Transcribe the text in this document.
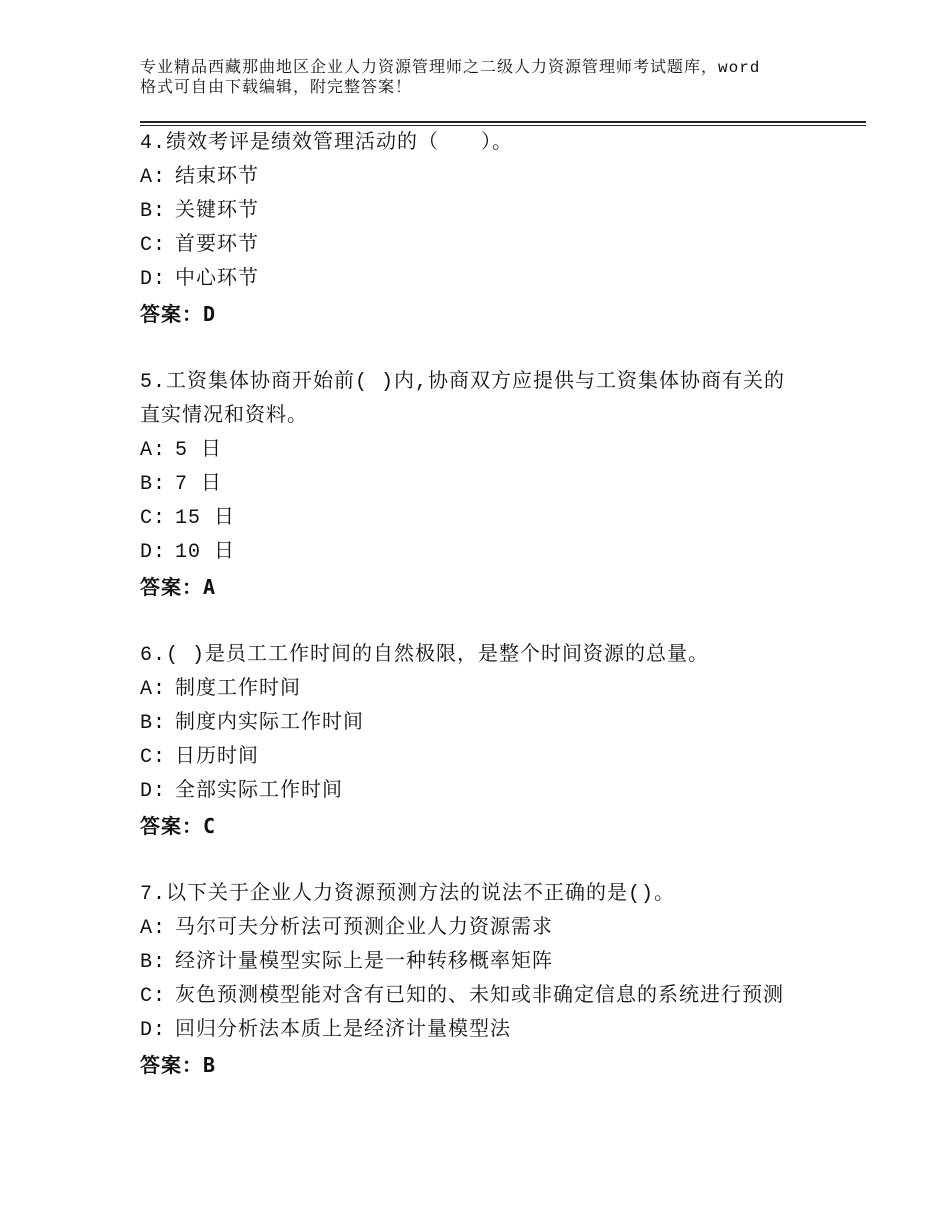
专业精品西藏那曲地区企业人力资源管理师之二级人力资源管理师考试题库，word
格式可自由下载编辑，附完整答案！
4.绩效考评是绩效管理活动的（　　）。
A: 结束环节
B: 关键环节
C: 首要环节
D: 中心环节
答案：D
5.工资集体协商开始前( )内,协商双方应提供与工资集体协商有关的
直实情况和资料。
A: 5 日
B: 7 日
C: 15 日
D: 10 日
答案：A
6.( )是员工工作时间的自然极限，是整个时间资源的总量。
A: 制度工作时间
B: 制度内实际工作时间
C: 日历时间
D: 全部实际工作时间
答案：C
7.以下关于企业人力资源预测方法的说法不正确的是()。
A: 马尔可夫分析法可预测企业人力资源需求
B: 经济计量模型实际上是一种转移概率矩阵
C: 灰色预测模型能对含有已知的、未知或非确定信息的系统进行预测
D: 回归分析法本质上是经济计量模型法
答案：B
